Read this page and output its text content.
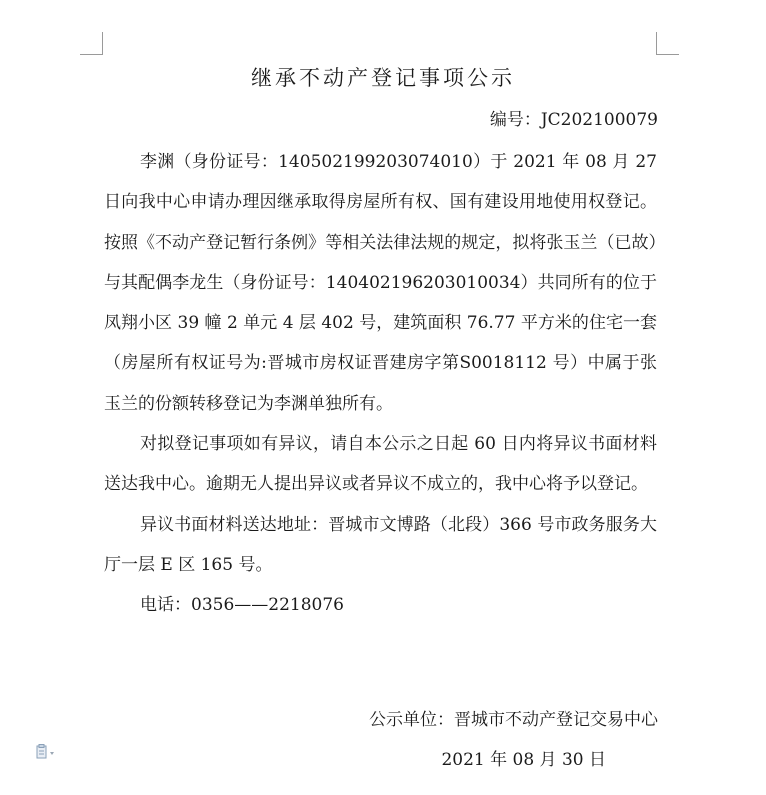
继承不动产登记事项公示
编号：JC202100079

李渊（身份证号：140502199203074010）于 2021 年 08 月 27 日向我中心申请办理因继承取得房屋所有权、国有建设用地使用权登记。按照《不动产登记暂行条例》等相关法律法规的规定，拟将张玉兰（已故）与其配偶李龙生（身份证号：140402196203010034）共同所有的位于凤翔小区 39 幢 2 单元 4 层 402 号，建筑面积 76.77 平方米的住宅一套（房屋所有权证号为:晋城市房权证晋建房字第S0018112 号）中属于张玉兰的份额转移登记为李渊单独所有。

对拟登记事项如有异议，请自本公示之日起 60 日内将异议书面材料送达我中心。逾期无人提出异议或者异议不成立的，我中心将予以登记。

异议书面材料送达地址：晋城市文博路（北段）366 号市政务服务大厅一层 E 区 165 号。

电话：0356——2218076

公示单位：晋城市不动产登记交易中心
2021 年 08 月 30 日
